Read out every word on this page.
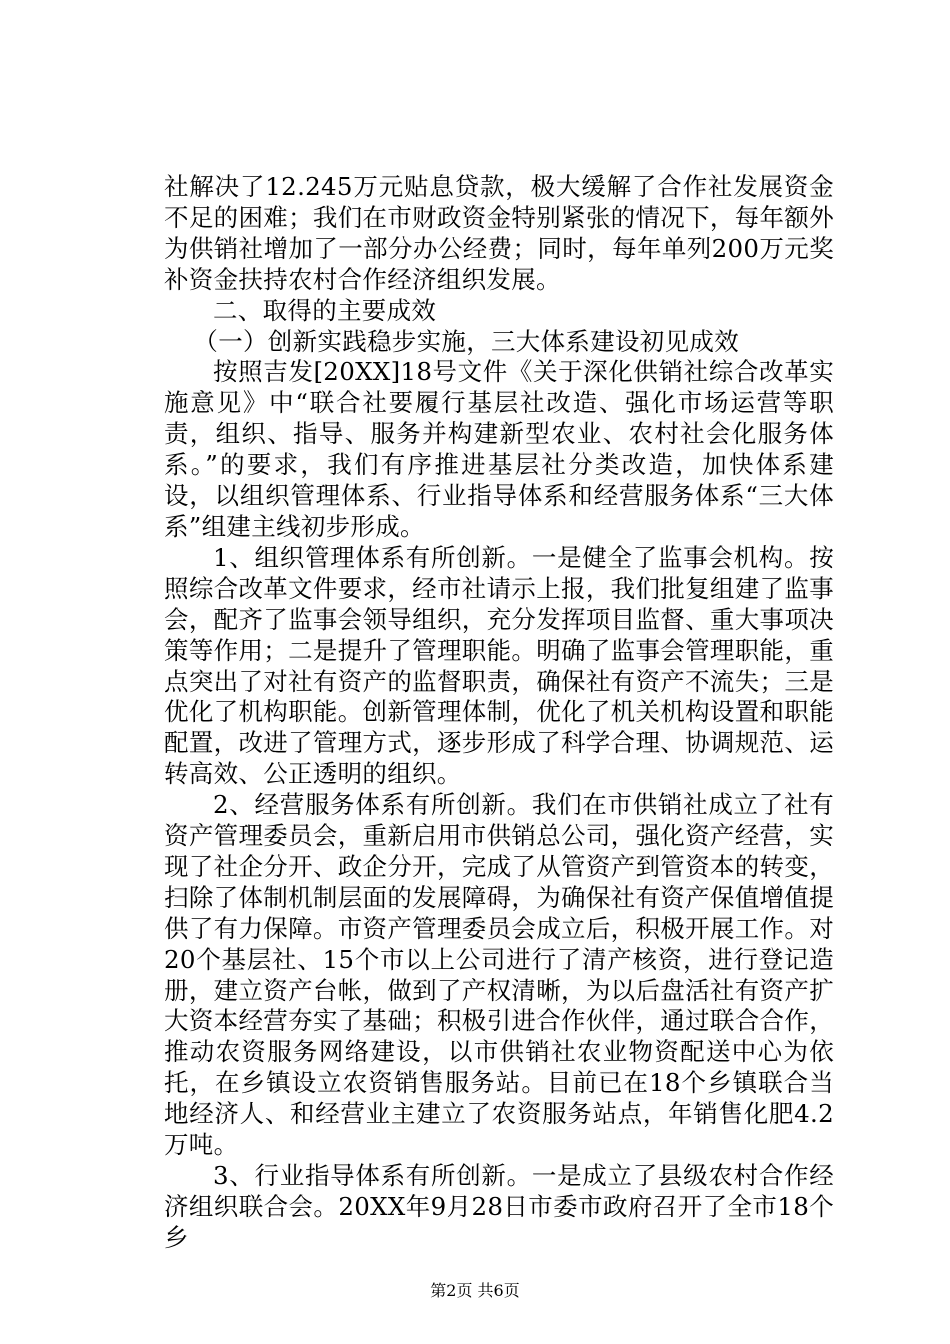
社解决了12.245万元贴息贷款，极大缓解了合作社发展资金不足的困难；我们在市财政资金特别紧张的情况下，每年额外为供销社增加了一部分办公经费；同时，每年单列200万元奖补资金扶持农村合作经济组织发展。

二、取得的主要成效

（一）创新实践稳步实施，三大体系建设初见成效

按照吉发[20XX]18号文件《关于深化供销社综合改革实施意见》中“联合社要履行基层社改造、强化市场运营等职责，组织、指导、服务并构建新型农业、农村社会化服务体系。”的要求，我们有序推进基层社分类改造，加快体系建设，以组织管理体系、行业指导体系和经营服务体系“三大体系”组建主线初步形成。

1、组织管理体系有所创新。一是健全了监事会机构。按照综合改革文件要求，经市社请示上报，我们批复组建了监事会，配齐了监事会领导组织，充分发挥项目监督、重大事项决策等作用；二是提升了管理职能。明确了监事会管理职能，重点突出了对社有资产的监督职责，确保社有资产不流失；三是优化了机构职能。创新管理体制，优化了机关机构设置和职能配置，改进了管理方式，逐步形成了科学合理、协调规范、运转高效、公正透明的组织。

2、经营服务体系有所创新。我们在市供销社成立了社有资产管理委员会，重新启用市供销总公司，强化资产经营，实现了社企分开、政企分开，完成了从管资产到管资本的转变，扫除了体制机制层面的发展障碍，为确保社有资产保值增值提供了有力保障。市资产管理委员会成立后，积极开展工作。对20个基层社、15个市以上公司进行了清产核资，进行登记造册，建立资产台帐，做到了产权清晰，为以后盘活社有资产扩大资本经营夯实了基础；积极引进合作伙伴，通过联合合作，推动农资服务网络建设，以市供销社农业物资配送中心为依托，在乡镇设立农资销售服务站。目前已在18个乡镇联合当地经济人、和经营业主建立了农资服务站点，年销售化肥4.2万吨。

3、行业指导体系有所创新。一是成立了县级农村合作经济组织联合会。20XX年9月28日市委市政府召开了全市18个乡

第2页 共6页
